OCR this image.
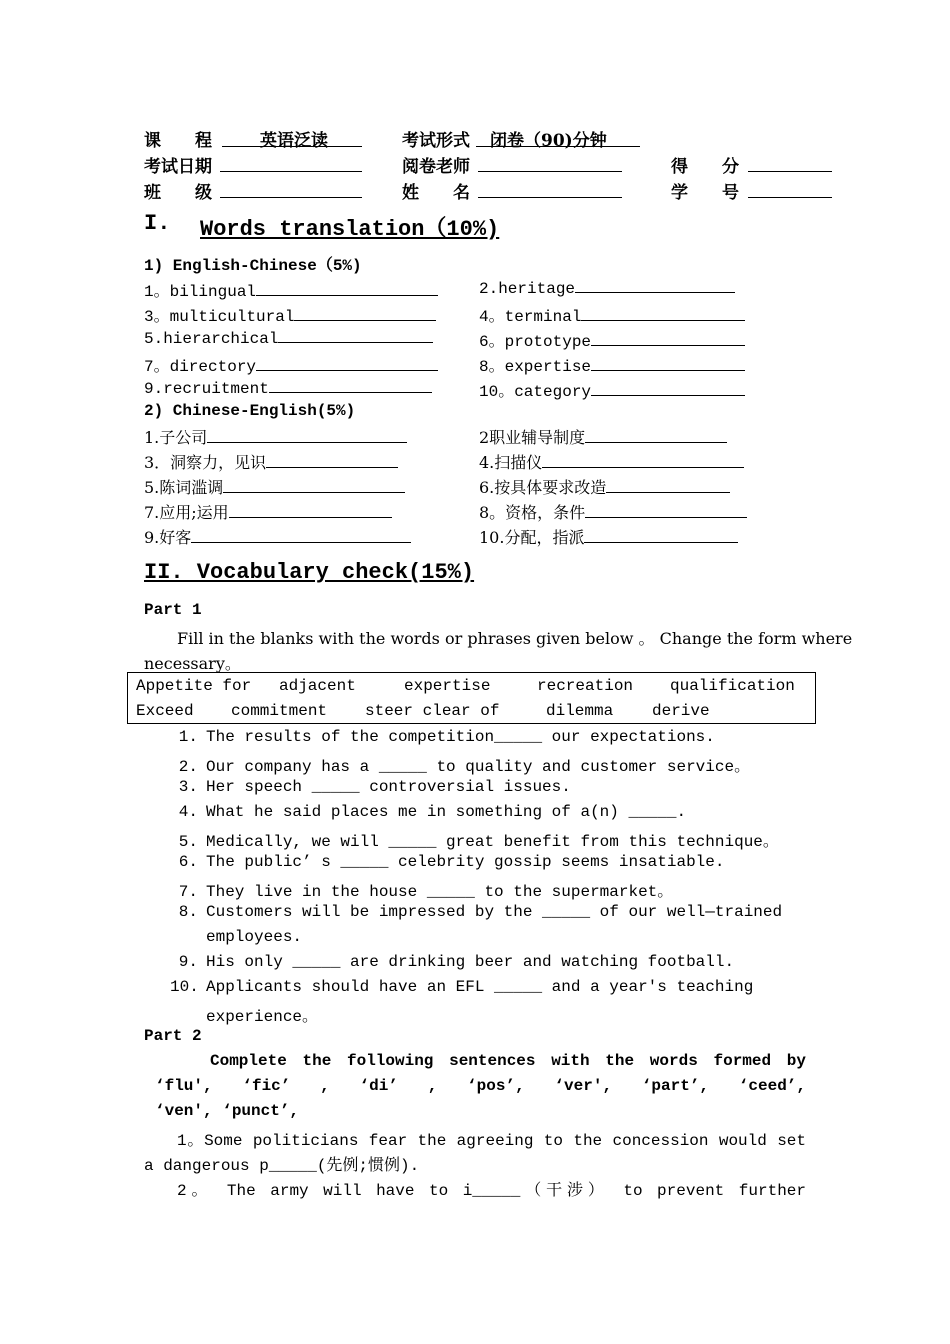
课　　程	英语泛读	考试形式 闭卷（90)分钟
考试日期	阅卷老师	得　　分
班　　级	姓　　名	学　　号
I. Words translation（10%)
1) English-Chinese（5%)
1。bilingual	2.heritage
3。multicultural	4。terminal
5.hierarchical	6。prototype
7。directory	8。expertise
9.recruitment	10。category
2) Chinese-English(5%)
1.子公司	2职业辅导制度
3．洞察力，见识	4.扫描仪
5.陈词滥调	6.按具体要求改造
7.应用;运用	8。资格，条件
9.好客	10.分配，指派
II. Vocabulary check(15%)
Part 1
Fill in the blanks with the words or phrases given below 。 Change the form where
necessary。
Appetite for adjacent	expertise	recreation qualification
Exceed commitment steer clear of	dilemma derive
1. The results of the competition_____ our expectations.
2. Our company has a _____ to quality and customer service。
3. Her speech _____ controversial issues.
4. What he said places me in something of a(n) _____.
5. Medically, we will _____ great benefit from this technique。
6. The public’ s _____ celebrity gossip seems insatiable.
7. They live in the house _____ to the supermarket。
8. Customers will be impressed by the _____ of our well—trained
employees.
9. His only _____ are drinking beer and watching football.
10. Applicants should have an EFL _____ and a year's teaching
experience。
Part 2
Complete the following sentences with the words formed by
‘flu', ‘fic’ , ‘di’ , ‘pos’, ‘ver', ‘part’, ‘ceed’,
‘ven', ‘punct’,
1。Some politicians fear the agreeing to the concession would set
a dangerous p_____(先例;惯例).
2。 The army will have to i_____（干涉） to prevent further
